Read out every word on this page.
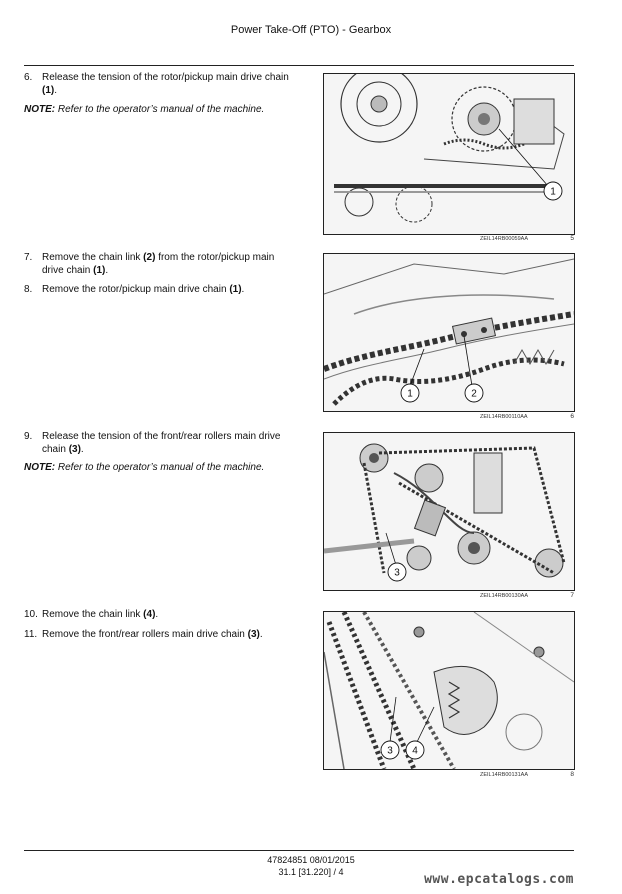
Power Take-Off (PTO) - Gearbox
6. Release the tension of the rotor/pickup main drive chain
(1).
NOTE: Refer to the operator’s manual of the machine.
1
ZEIL14RB00059AA	5
7. Remove the chain link (2) from the rotor/pickup main
drive chain (1).
8. Remove the rotor/pickup main drive chain (1).
1	2
ZEIL14RB00110AA	6
9. Release the tension of the front/rear rollers main drive
chain (3).
NOTE: Refer to the operator’s manual of the machine.
3
ZEIL14RB00130AA	7
10. Remove the chain link (4).
11. Remove the front/rear rollers main drive chain (3).
3 4
ZEIL14RB00131AA	8
47824851 08/01/2015
31.1 [31.220] / 4	www.epcatalogs.com
